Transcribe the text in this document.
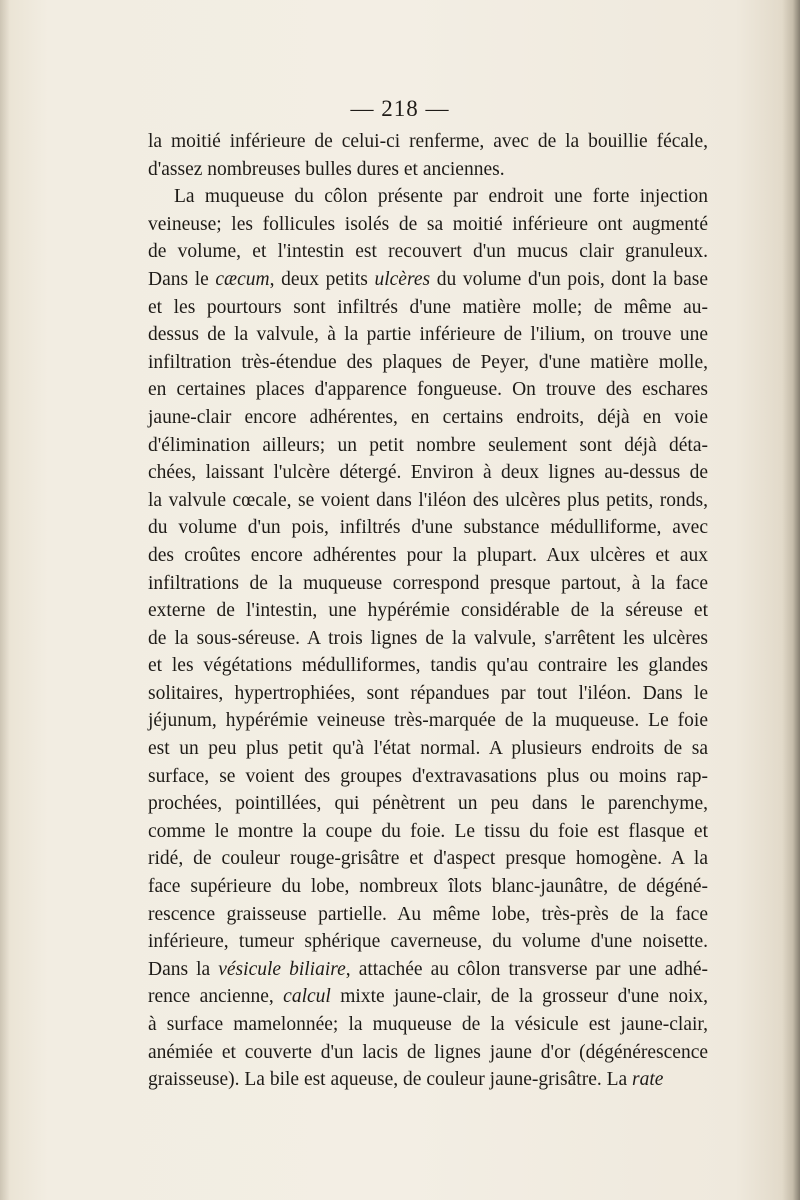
— 218 —
la moitié inférieure de celui-ci renferme, avec de la bouillie fécale,
d'assez nombreuses bulles dures et anciennes.
La muqueuse du côlon présente par endroit une forte injection
veineuse; les follicules isolés de sa moitié inférieure ont augmenté
de volume, et l'intestin est recouvert d'un mucus clair granuleux.
Dans le cæcum, deux petits ulcères du volume d'un pois, dont la base
et les pourtours sont infiltrés d'une matière molle; de même au-
dessus de la valvule, à la partie inférieure de l'ilium, on trouve une
infiltration très-étendue des plaques de Peyer, d'une matière molle,
en certaines places d'apparence fongueuse. On trouve des eschares
jaune-clair encore adhérentes, en certains endroits, déjà en voie
d'élimination ailleurs; un petit nombre seulement sont déjà déta-
chées, laissant l'ulcère détergé. Environ à deux lignes au-dessus de
la valvule cœcale, se voient dans l'iléon des ulcères plus petits, ronds,
du volume d'un pois, infiltrés d'une substance médulliforme, avec
des croûtes encore adhérentes pour la plupart. Aux ulcères et aux
infiltrations de la muqueuse correspond presque partout, à la face
externe de l'intestin, une hypérémie considérable de la séreuse et
de la sous-séreuse. A trois lignes de la valvule, s'arrêtent les ulcères
et les végétations médulliformes, tandis qu'au contraire les glandes
solitaires, hypertrophiées, sont répandues par tout l'iléon. Dans le
jéjunum, hypérémie veineuse très-marquée de la muqueuse. Le foie
est un peu plus petit qu'à l'état normal. A plusieurs endroits de sa
surface, se voient des groupes d'extravasations plus ou moins rap-
prochées, pointillées, qui pénètrent un peu dans le parenchyme,
comme le montre la coupe du foie. Le tissu du foie est flasque et
ridé, de couleur rouge-grisâtre et d'aspect presque homogène. A la
face supérieure du lobe, nombreux îlots blanc-jaunâtre, de dégéné-
rescence graisseuse partielle. Au même lobe, très-près de la face
inférieure, tumeur sphérique caverneuse, du volume d'une noisette.
Dans la vésicule biliaire, attachée au côlon transverse par une adhé-
rence ancienne, calcul mixte jaune-clair, de la grosseur d'une noix,
à surface mamelonnée; la muqueuse de la vésicule est jaune-clair,
anémiée et couverte d'un lacis de lignes jaune d'or (dégénérescence
graisseuse). La bile est aqueuse, de couleur jaune-grisâtre. La rate
